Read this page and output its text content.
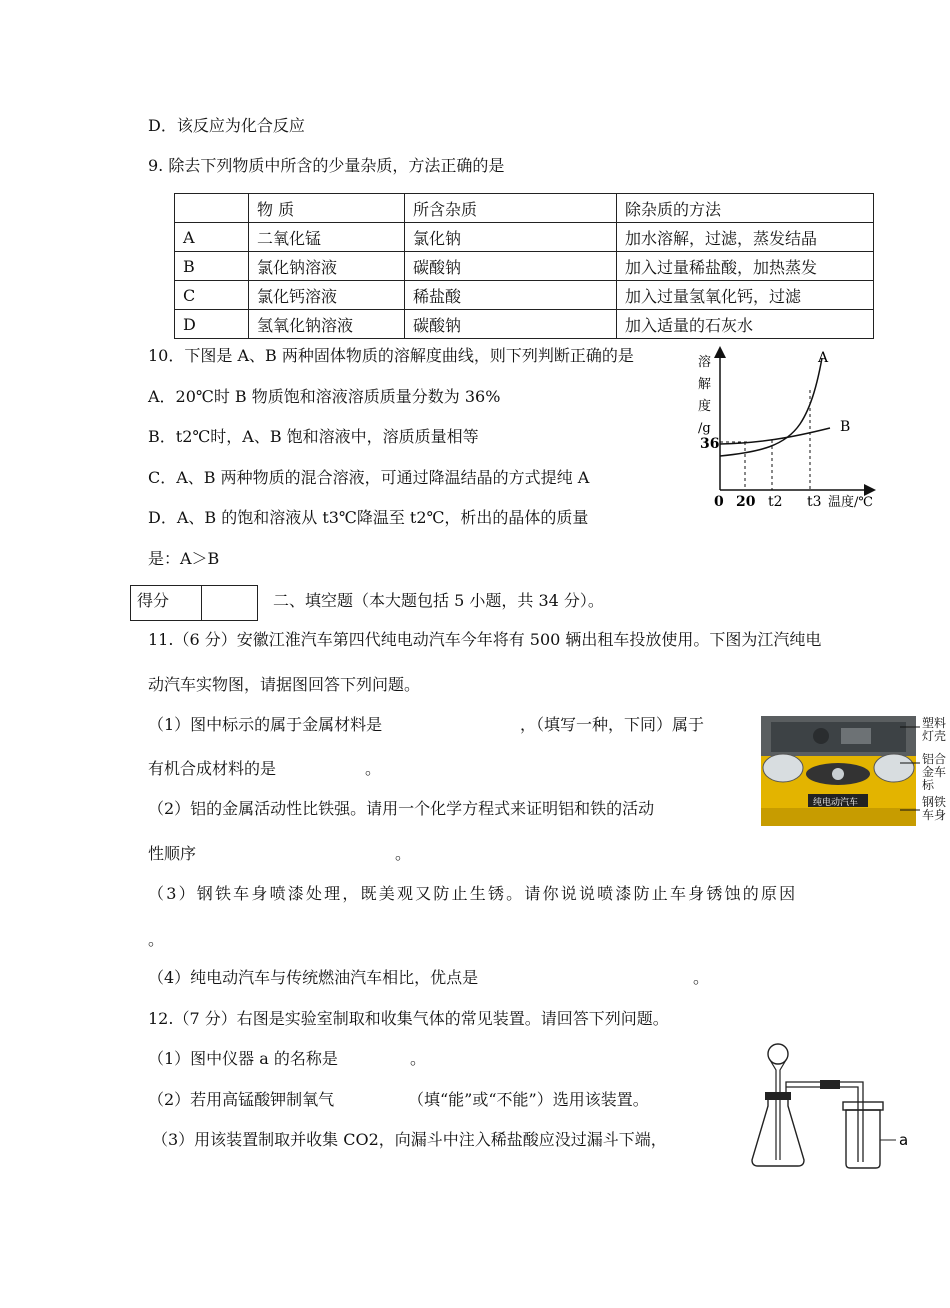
D．该反应为化合反应
9. 除去下列物质中所含的少量杂质，方法正确的是
	物 质	所含杂质	除杂质的方法
A	二氧化锰	氯化钠	加水溶解，过滤，蒸发结晶
B	氯化钠溶液	碳酸钠	加入过量稀盐酸，加热蒸发
C	氯化钙溶液	稀盐酸	加入过量氢氧化钙，过滤
D	氢氧化钠溶液	碳酸钠	加入适量的石灰水
10．下图是 A、B 两种固体物质的溶解度曲线，则下列判断正确的是
A．20℃时 B 物质饱和溶液溶质质量分数为 36%
B．t2℃时，A、B 饱和溶液中，溶质质量相等
C．A、B 两种物质的混合溶液，可通过降温结晶的方式提纯 A
D．A、B 的饱和溶液从 t3℃降温至 t2℃，析出的晶体的质量
是：A＞B
溶解度/g
36
0 20 t2 t3 温度/℃
A
B
得分	二、填空题（本大题包括 5 小题，共 34 分）。
11.（6 分）安徽江淮汽车第四代纯电动汽车今年将有 500 辆出租车投放使用。下图为江汽纯电
动汽车实物图，请据图回答下列问题。
（1）图中标示的属于金属材料是	，（填写一种，下同）属于
有机合成材料的是	。
纯电动汽车
塑料灯壳
铝合金车标
钢铁车身
（2）铝的金属活动性比铁强。请用一个化学方程式来证明铝和铁的活动
性顺序	。
（3）钢铁车身喷漆处理，既美观又防止生锈。请你说说喷漆防止车身锈蚀的原因
。
（4）纯电动汽车与传统燃油汽车相比，优点是	。
12.（7 分）右图是实验室制取和收集气体的常见装置。请回答下列问题。
（1）图中仪器 a 的名称是	。
（2）若用高锰酸钾制氧气	（填“能”或“不能”）选用该装置。
（3）用该装置制取并收集 CO2，向漏斗中注入稀盐酸应没过漏斗下端，	a
